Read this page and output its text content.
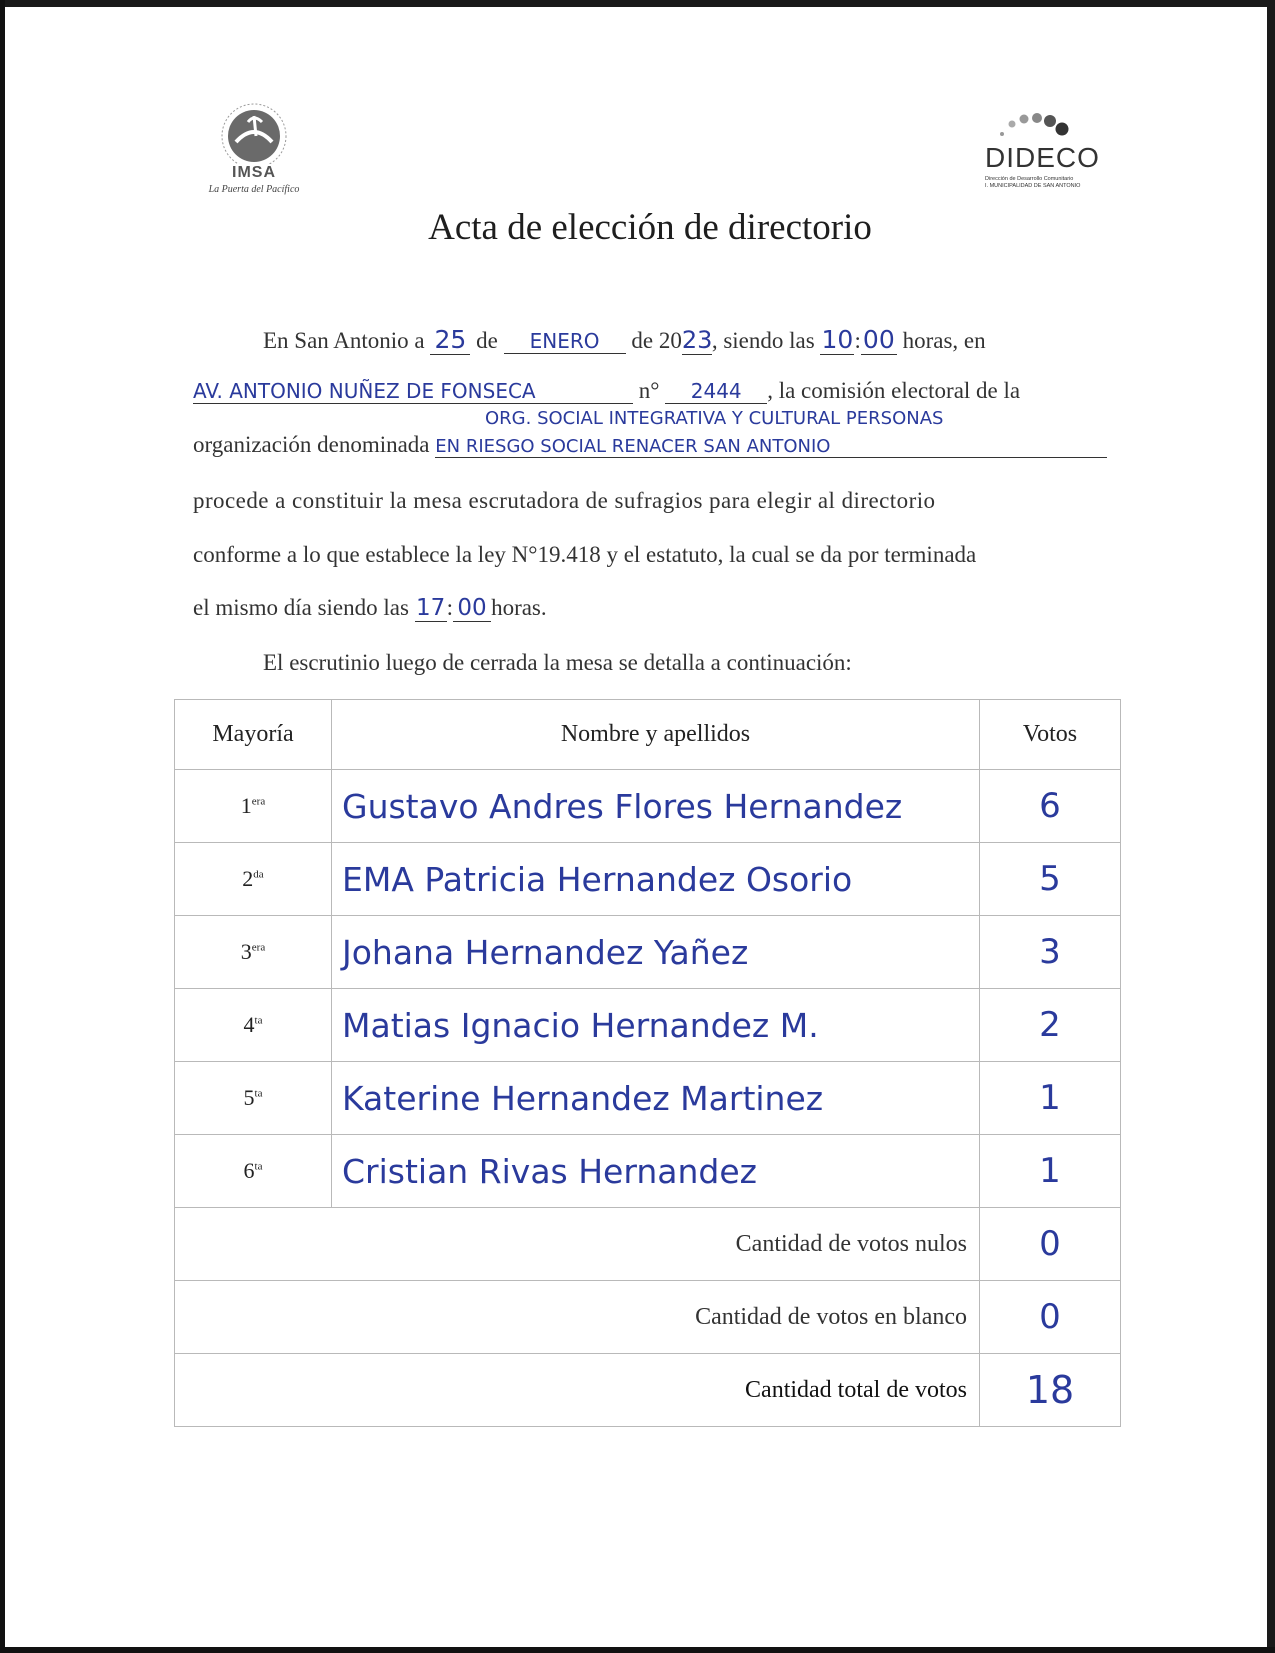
IMSA
La Puerta del Pacífico
DIDECO
Dirección de Desarrollo Comunitario
I. MUNICIPALIDAD DE SAN ANTONIO
Acta de elección de directorio
En San Antonio a 25 de ENERO de 2023, siendo las 10:00 horas, en
AV. ANTONIO NUÑEZ DE FONSECA	n° 2444 , la comisión electoral de la
ORG. SOCIAL INTEGRATIVA Y CULTURAL PERSONAS
organización denominada EN RIESGO SOCIAL RENACER SAN ANTONIO
procede a constituir la mesa escrutadora de sufragios para elegir al directorio
conforme a lo que establece la ley N°19.418 y el estatuto, la cual se da por terminada
el mismo día siendo las 17: 00 horas.
El escrutinio luego de cerrada la mesa se detalla a continuación:
Mayoría	Nombre y apellidos	Votos
$1^{era}$	Gustavo Andres Flores Hernandez	6
$2^{da}$	EMA Patricia Hernandez Osorio	5
$3^{era}$	Johana Hernandez Yañez	3
$4^{ta}$	Matias Ignacio Hernandez M.	2
$5^{ta}$	Katerine Hernandez Martinez	1
$6^{ta}$	Cristian Rivas Hernandez	1
Cantidad de votos nulos		0
Cantidad de votos en blanco		0
Cantidad total de votos		18
